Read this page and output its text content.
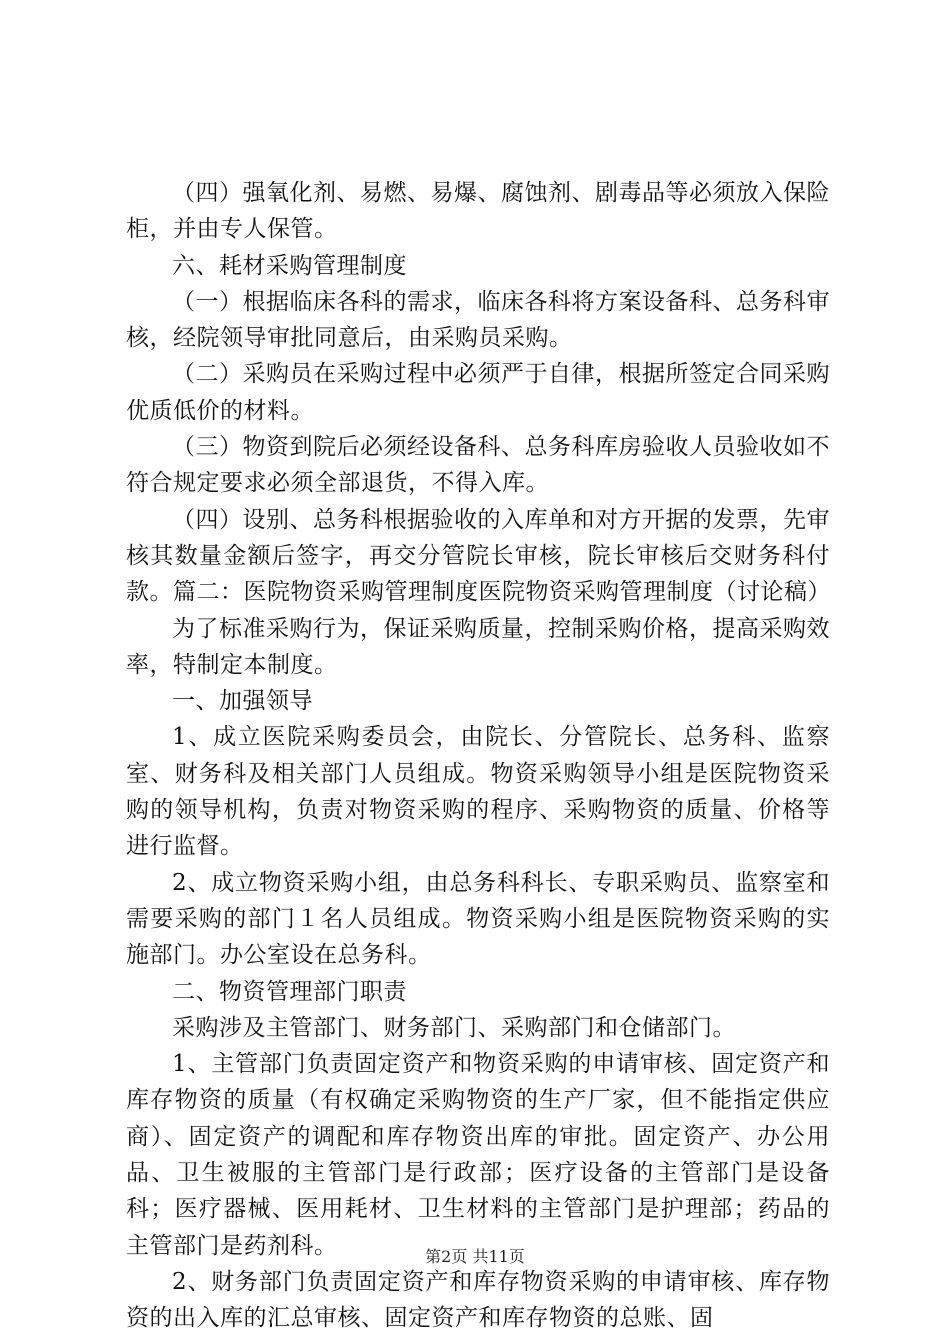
（四）强氧化剂、易燃、易爆、腐蚀剂、剧毒品等必须放入保险柜，并由专人保管。

六、耗材采购管理制度

（一）根据临床各科的需求，临床各科将方案设备科、总务科审核，经院领导审批同意后，由采购员采购。

（二）采购员在采购过程中必须严于自律，根据所签定合同采购优质低价的材料。

（三）物资到院后必须经设备科、总务科库房验收人员验收如不符合规定要求必须全部退货，不得入库。

（四）设别、总务科根据验收的入库单和对方开据的发票，先审核其数量金额后签字，再交分管院长审核，院长审核后交财务科付款。篇二：医院物资采购管理制度医院物资采购管理制度（讨论稿）

为了标准采购行为，保证采购质量，控制采购价格，提高采购效率，特制定本制度。

一、加强领导

1、成立医院采购委员会，由院长、分管院长、总务科、监察室、财务科及相关部门人员组成。物资采购领导小组是医院物资采购的领导机构，负责对物资采购的程序、采购物资的质量、价格等进行监督。

2、成立物资采购小组，由总务科科长、专职采购员、监察室和需要采购的部门１名人员组成。物资采购小组是医院物资采购的实施部门。办公室设在总务科。

二、物资管理部门职责

采购涉及主管部门、财务部门、采购部门和仓储部门。

1、主管部门负责固定资产和物资采购的申请审核、固定资产和库存物资的质量（有权确定采购物资的生产厂家，但不能指定供应商）、固定资产的调配和库存物资出库的审批。固定资产、办公用品、卫生被服的主管部门是行政部；医疗设备的主管部门是设备科；医疗器械、医用耗材、卫生材料的主管部门是护理部；药品的主管部门是药剂科。

2、财务部门负责固定资产和库存物资采购的申请审核、库存物资的出入库的汇总审核、固定资产和库存物资的总账、固

第2页 共11页
